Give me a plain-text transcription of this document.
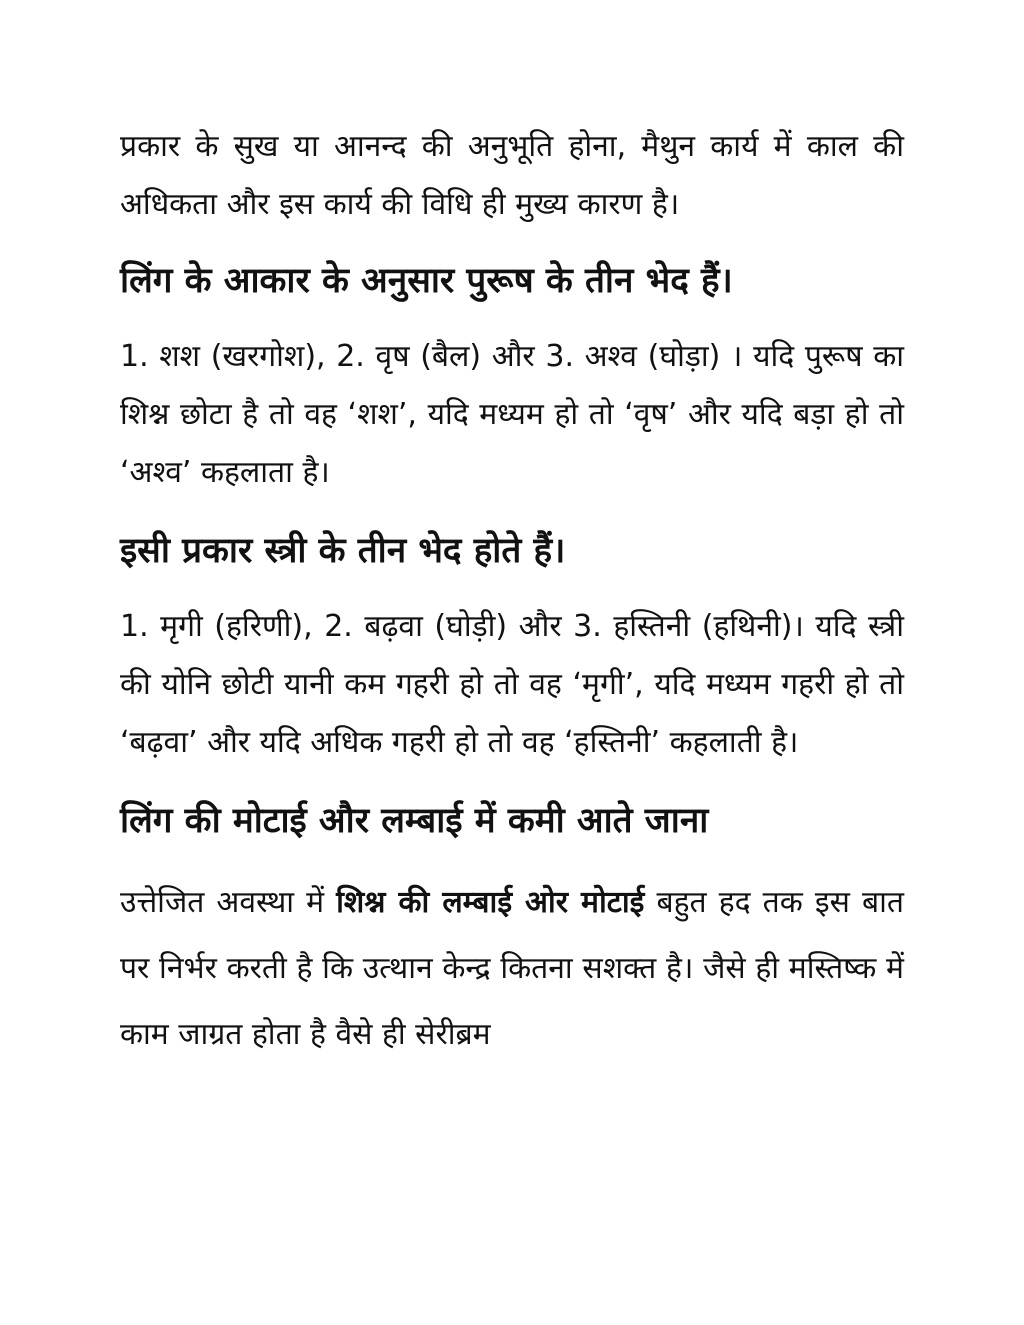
प्रकार के सुख या आनन्द की अनुभूति होना, मैथुन कार्य में काल की अधिकता और इस कार्य की विधि ही मुख्य कारण है।

लिंग के आकार के अनुसार पुरूष के तीन भेद हैं।

1. शश (खरगोश), 2. वृष (बैल) और 3. अश्व (घोड़ा) । यदि पुरूष का शिश्न छोटा है तो वह ‘शश’, यदि मध्यम हो तो ‘वृष’ और यदि बड़ा हो तो ‘अश्व’ कहलाता है।

इसी प्रकार स्त्री के तीन भेद होते हैं।

1. मृगी (हरिणी), 2. बढ़वा (घोड़ी) और 3. हस्तिनी (हथिनी)। यदि स्त्री की योनि छोटी यानी कम गहरी हो तो वह ‘मृगी’, यदि मध्यम गहरी हो तो ‘बढ़वा’ और यदि अधिक गहरी हो तो वह ‘हस्तिनी’ कहलाती है।

लिंग की मोटाई और लम्बाई में कमी आते जाना

उत्तेजित अवस्था में शिश्न की लम्बाई ओर मोटाई बहुत हद तक इस बात पर निर्भर करती है कि उत्थान केन्द्र कितना सशक्त है। जैसे ही मस्तिष्क में काम जाग्रत होता है वैसे ही सेरीब्रम
